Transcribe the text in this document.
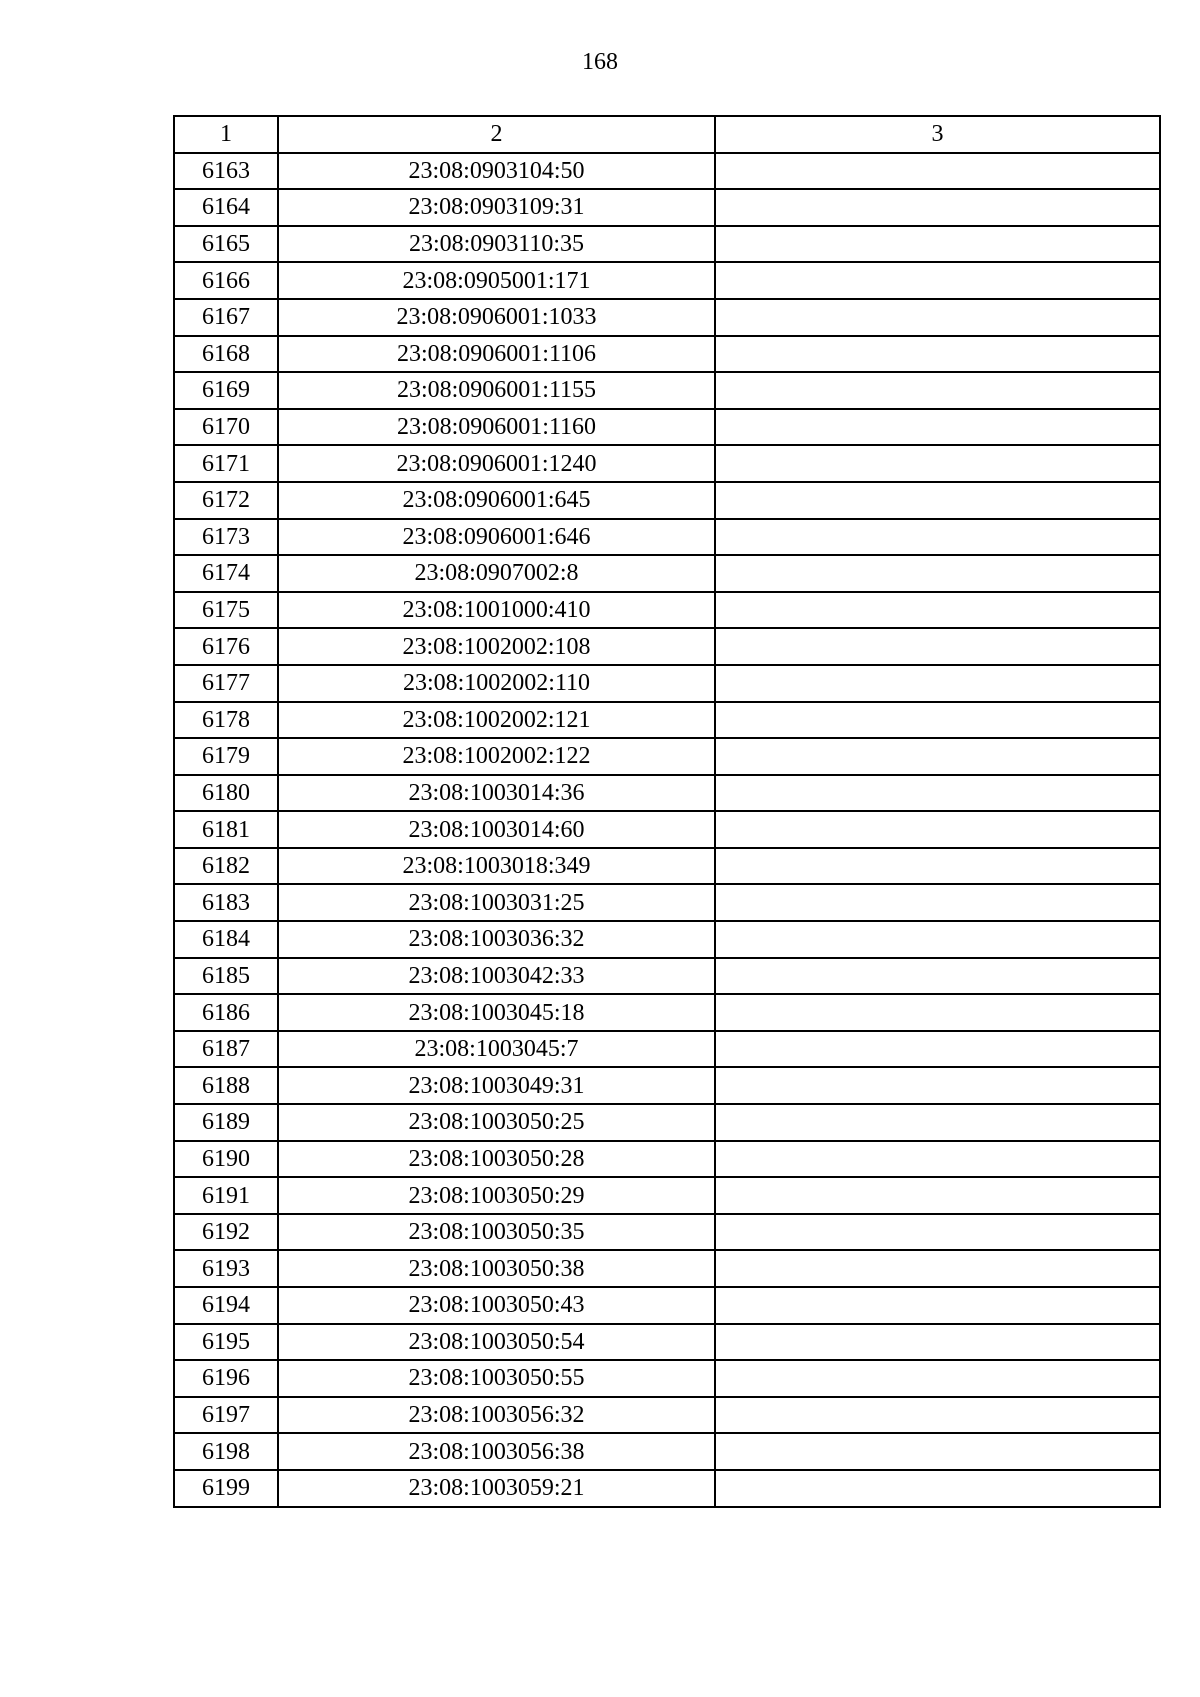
168
1	2	3
6163	23:08:0903104:50	
6164	23:08:0903109:31	
6165	23:08:0903110:35	
6166	23:08:0905001:171	
6167	23:08:0906001:1033	
6168	23:08:0906001:1106	
6169	23:08:0906001:1155	
6170	23:08:0906001:1160	
6171	23:08:0906001:1240	
6172	23:08:0906001:645	
6173	23:08:0906001:646	
6174	23:08:0907002:8	
6175	23:08:1001000:410	
6176	23:08:1002002:108	
6177	23:08:1002002:110	
6178	23:08:1002002:121	
6179	23:08:1002002:122	
6180	23:08:1003014:36	
6181	23:08:1003014:60	
6182	23:08:1003018:349	
6183	23:08:1003031:25	
6184	23:08:1003036:32	
6185	23:08:1003042:33	
6186	23:08:1003045:18	
6187	23:08:1003045:7	
6188	23:08:1003049:31	
6189	23:08:1003050:25	
6190	23:08:1003050:28	
6191	23:08:1003050:29	
6192	23:08:1003050:35	
6193	23:08:1003050:38	
6194	23:08:1003050:43	
6195	23:08:1003050:54	
6196	23:08:1003050:55	
6197	23:08:1003056:32	
6198	23:08:1003056:38	
6199	23:08:1003059:21	
